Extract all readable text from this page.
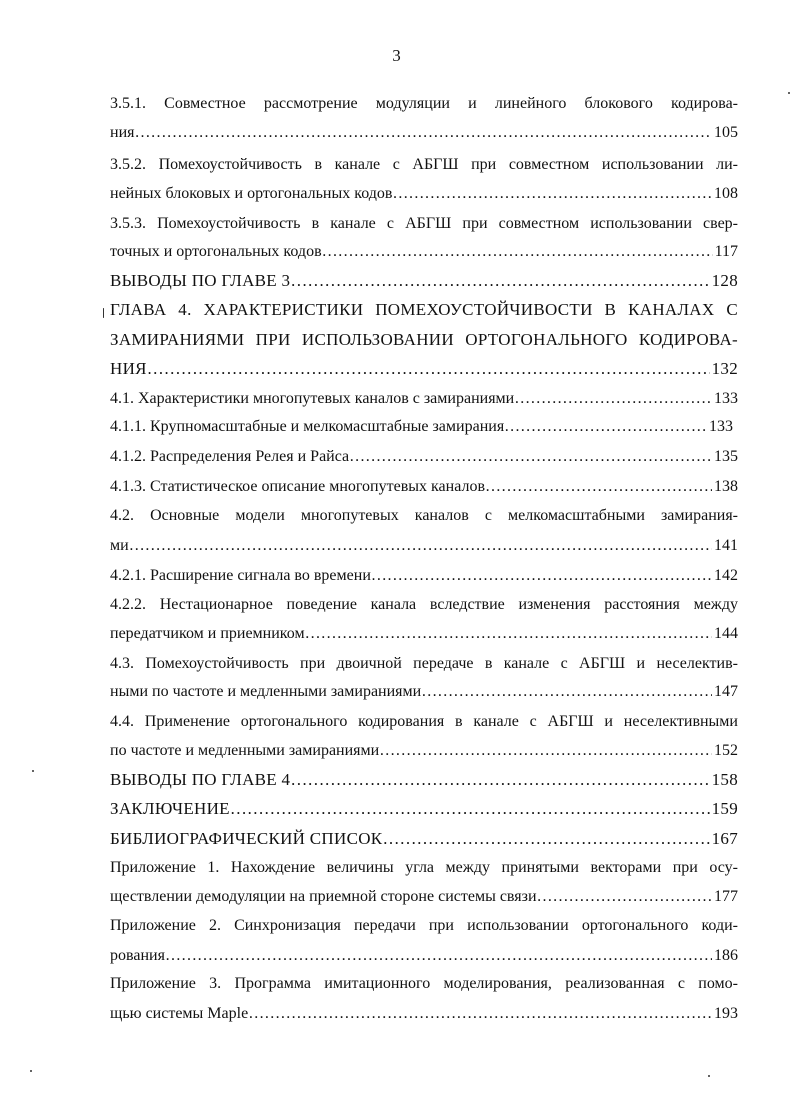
3
3.5.1. Совместное рассмотрение модуляции и линейного блокового кодирова-
ния ………………………………………………………………………………………………………………………………………………………………………………………	105
3.5.2. Помехоустойчивость в канале с АБГШ при совместном использовании ли-
нейных блоковых и ортогональных кодов ………………………………………………………………………………………………………………………………………………………………………………………	108
3.5.3. Помехоустойчивость в канале с АБГШ при совместном использовании свер-
точных и ортогональных кодов ………………………………………………………………………………………………………………………………………………………………………………………	117
ВЫВОДЫ ПО ГЛАВЕ 3 ………………………………………………………………………………………………………………………………………………………………………………………	128
ГЛАВА 4. ХАРАКТЕРИСТИКИ ПОМЕХОУСТОЙЧИВОСТИ В КАНАЛАХ С
ЗАМИРАНИЯМИ ПРИ ИСПОЛЬЗОВАНИИ ОРТОГОНАЛЬНОГО КОДИРОВА-
НИЯ ………………………………………………………………………………………………………………………………………………………………………………………	132
4.1. Характеристики многопутевых каналов с замираниями ………………………………………………………………………………………………………………………………………………………………………………………	133
4.1.1. Крупномасштабные и мелкомасштабные замирания ………………………………………………………………………………………………………………………………………………………………………………………	133
4.1.2. Распределения Релея и Райса ………………………………………………………………………………………………………………………………………………………………………………………	135
4.1.3. Статистическое описание многопутевых каналов ………………………………………………………………………………………………………………………………………………………………………………………	138
4.2. Основные модели многопутевых каналов с мелкомасштабными замирания-
ми ………………………………………………………………………………………………………………………………………………………………………………………	141
4.2.1. Расширение сигнала во времени ………………………………………………………………………………………………………………………………………………………………………………………	142
4.2.2. Нестационарное поведение канала вследствие изменения расстояния между
передатчиком и приемником ………………………………………………………………………………………………………………………………………………………………………………………	144
4.3. Помехоустойчивость при двоичной передаче в канале с АБГШ и неселектив-
ными по частоте и медленными замираниями ………………………………………………………………………………………………………………………………………………………………………………………	147
4.4. Применение ортогонального кодирования в канале с АБГШ и неселективными
по частоте и медленными замираниями ………………………………………………………………………………………………………………………………………………………………………………………	152
ВЫВОДЫ ПО ГЛАВЕ 4 ………………………………………………………………………………………………………………………………………………………………………………………	158
ЗАКЛЮЧЕНИЕ ………………………………………………………………………………………………………………………………………………………………………………………	159
БИБЛИОГРАФИЧЕСКИЙ СПИСОК ………………………………………………………………………………………………………………………………………………………………………………………	167
Приложение 1. Нахождение величины угла между принятыми векторами при осу-
ществлении демодуляции на приемной стороне системы связи ………………………………………………………………………………………………………………………………………………………………………………………	177
Приложение 2. Синхронизация передачи при использовании ортогонального коди-
рования ………………………………………………………………………………………………………………………………………………………………………………………	186
Приложение 3. Программа имитационного моделирования, реализованная с помо-
щью системы Maple ………………………………………………………………………………………………………………………………………………………………………………………	193
